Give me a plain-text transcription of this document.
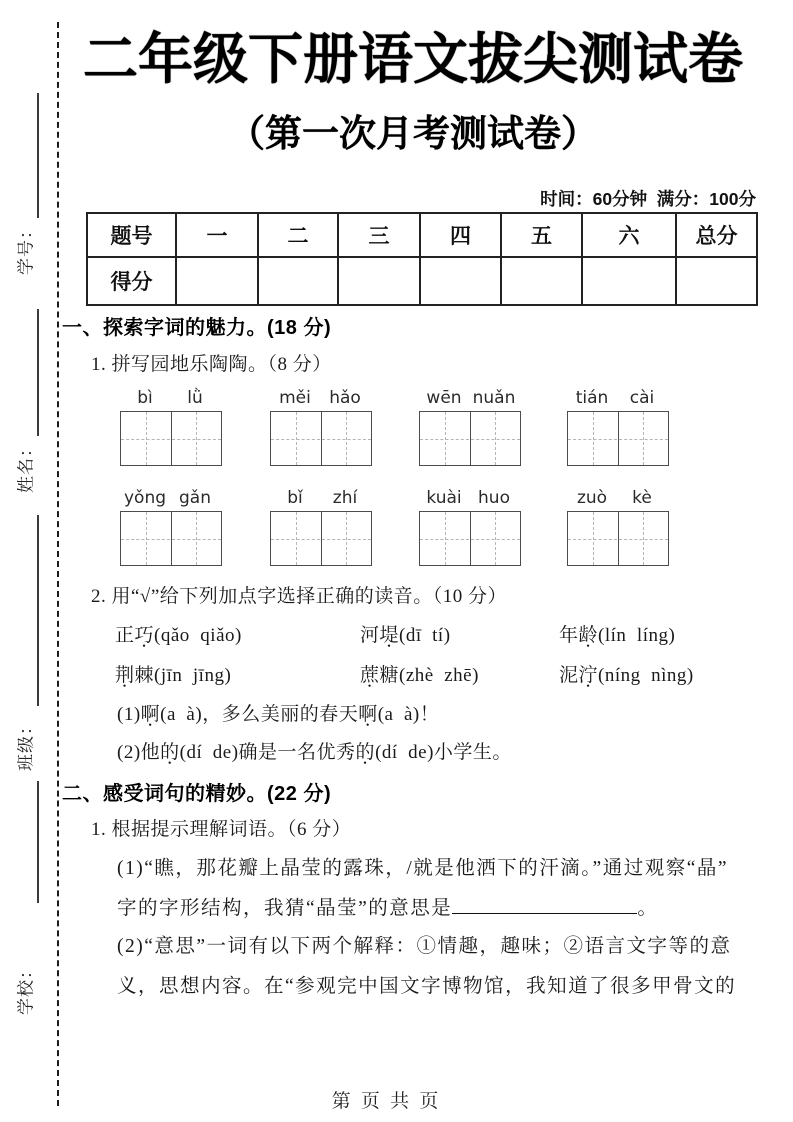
学号：
姓名：
班级：
学校：
二年级下册语文拔尖测试卷
（第一次月考测试卷）
时间：60分钟  满分：100分
题号	一	二	三	四	五	六	总分
得分							
一、探索字词的魅力。(18 分)
1. 拼写园地乐陶陶。（8 分）
bì	lǜ	měi	hǎo	wēn nuǎn	tián	cài
yǒng gǎn	bǐ	zhí	kuài huo	zuò	kè
2. 用“√”给下列加点字选择正确的读音。（10 分）
正巧(qǎo  qiǎo)	河堤(dī  tí)	年龄(lín  líng)
荆棘(jīn  jīng)	蔗糖(zhè  zhē)	泥泞(níng  nìng)
(1)啊(a  à)，多么美丽的春天啊(a  à)！
(2)他的(dí  de)确是一名优秀的(dí  de)小学生。
二、感受词句的精妙。(22 分)
1. 根据提示理解词语。（6 分）
(1)“瞧，那花瓣上晶莹的露珠，/就是他洒下的汗滴。”通过观察“晶”
字的字形结构，我猜“晶莹”的意思是	。
(2)“意思”一词有以下两个解释：①情趣，趣味；②语言文字等的意
义，思想内容。在“参观完中国文字博物馆，我知道了很多甲骨文的
第 页 共 页
